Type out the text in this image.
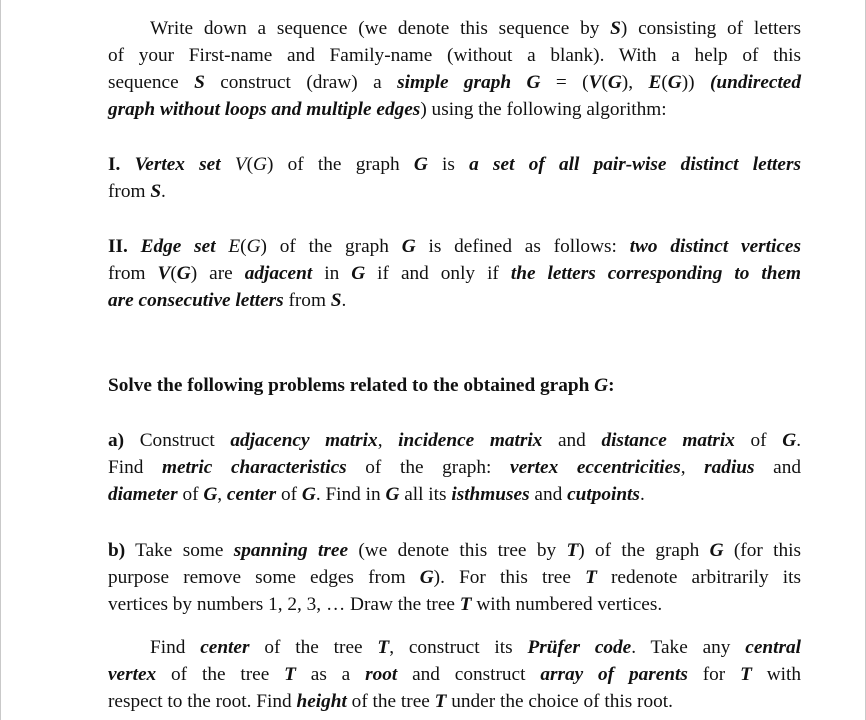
Write down a sequence (we denote this sequence by S) consisting of letters
of your First-name and Family-name (without a blank). With a help of this
sequence S construct (draw) a simple graph G = (V(G), E(G)) (undirected
graph without loops and multiple edges) using the following algorithm:
I. Vertex set V(G) of the graph G is a set of all pair-wise distinct letters
from S.
II. Edge set E(G) of the graph G is defined as follows: two distinct vertices
from V(G) are adjacent in G if and only if the letters corresponding to them
are consecutive letters from S.
Solve the following problems related to the obtained graph G:
a) Construct adjacency matrix, incidence matrix and distance matrix of G.
Find metric characteristics of the graph: vertex eccentricities, radius and
diameter of G, center of G. Find in G all its isthmuses and cutpoints.
b) Take some spanning tree (we denote this tree by T) of the graph G (for this
purpose remove some edges from G). For this tree T redenote arbitrarily its
vertices by numbers 1, 2, 3, … Draw the tree T with numbered vertices.
Find center of the tree T, construct its Prüfer code. Take any central
vertex of the tree T as a root and construct array of parents for T with
respect to the root. Find height of the tree T under the choice of this root.
